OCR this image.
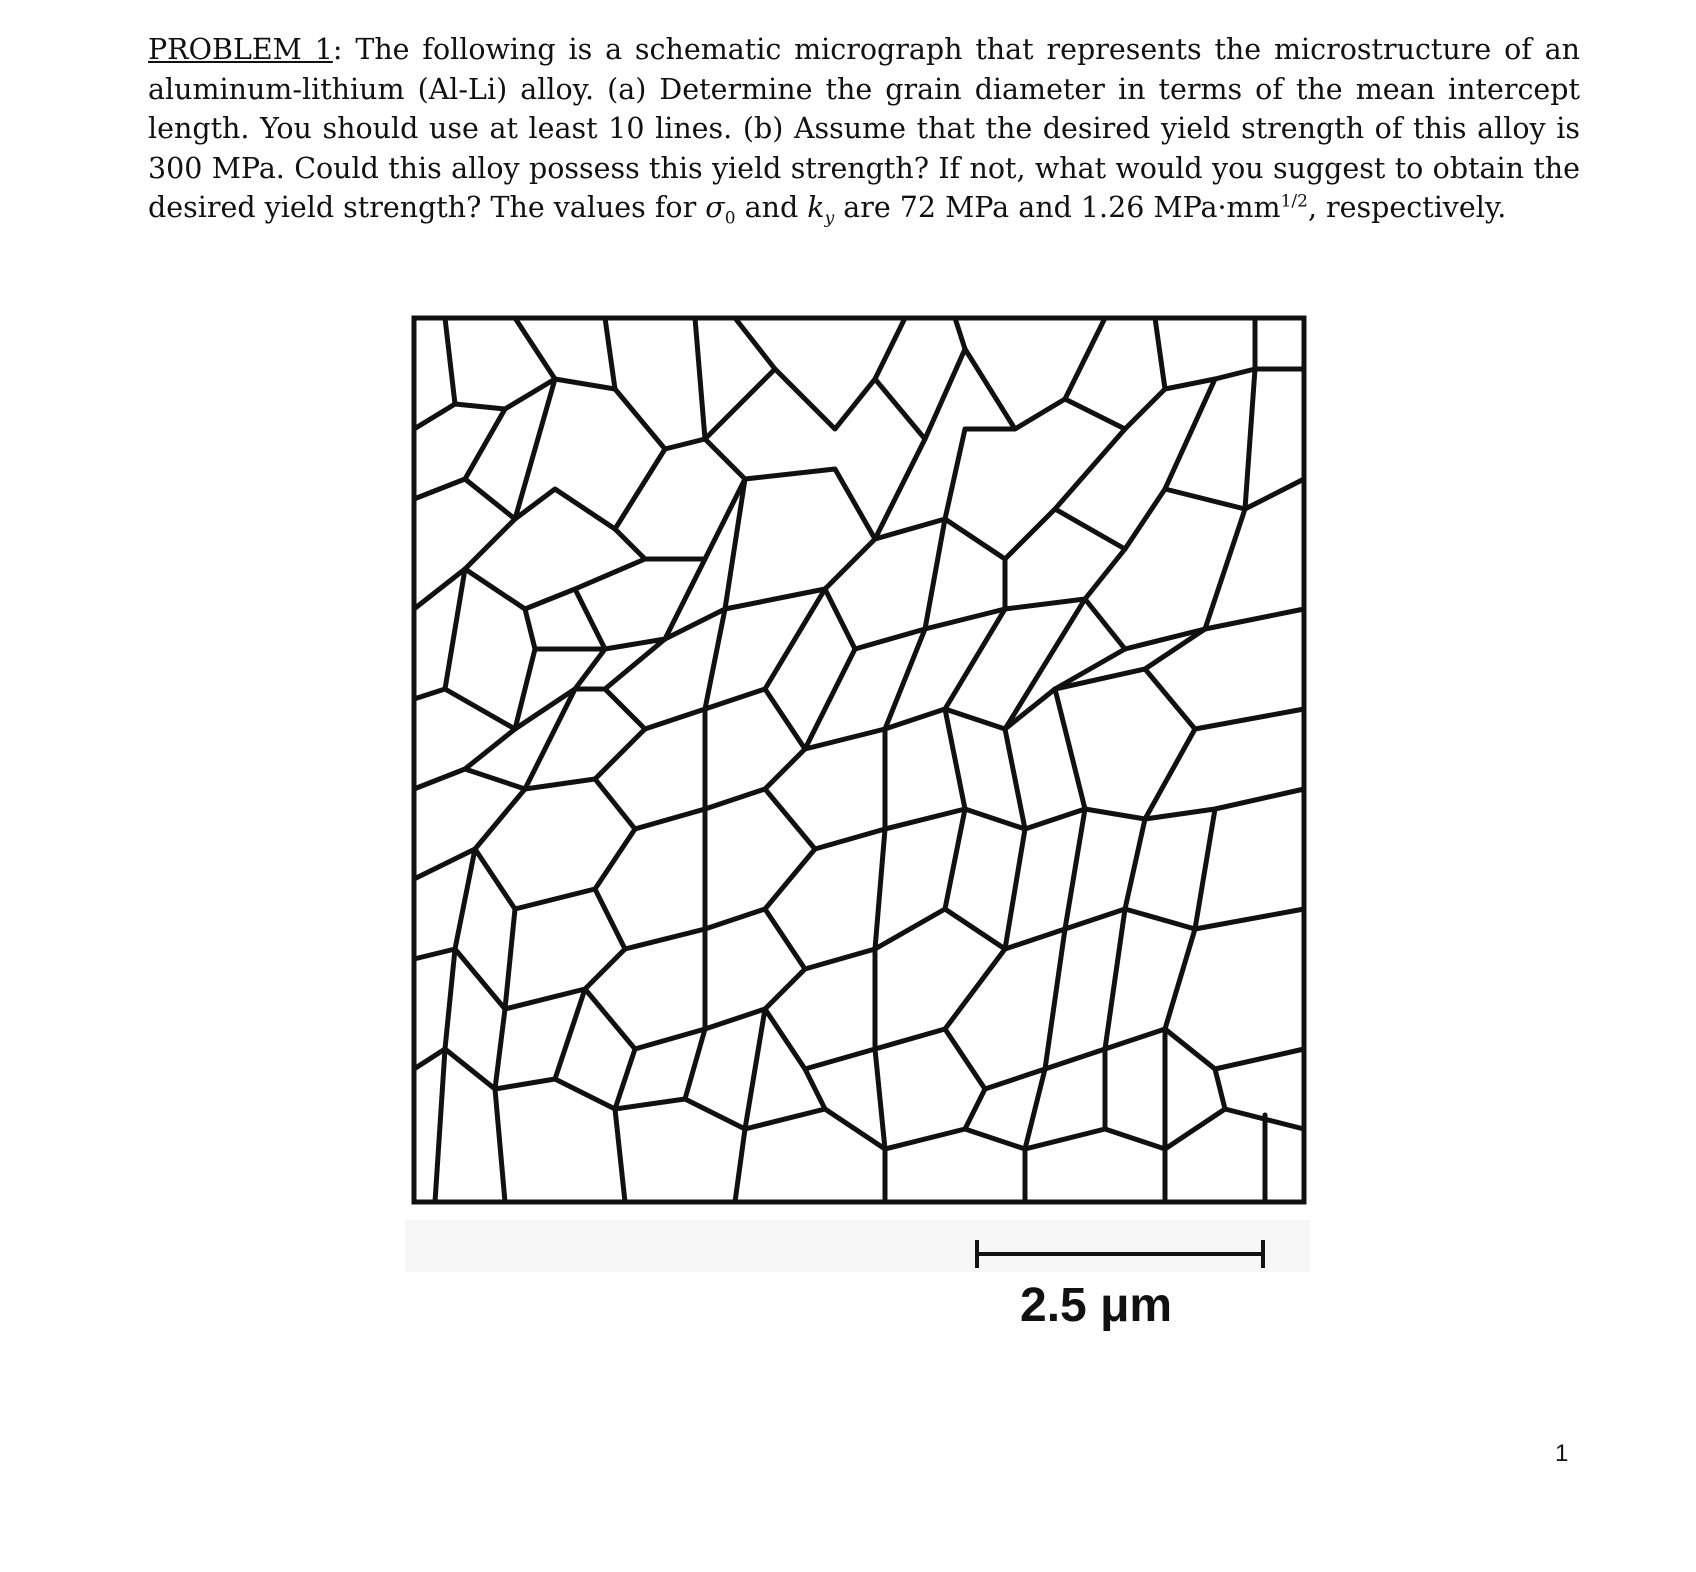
PROBLEM 1: The following is a schematic micrograph that represents the microstructure of an aluminum-lithium (Al-Li) alloy. (a) Determine the grain diameter in terms of the mean intercept length. You should use at least 10 lines. (b) Assume that the desired yield strength of this alloy is 300 MPa. Could this alloy possess this yield strength? If not, what would you suggest to obtain the desired yield strength? The values for $\sigma_0$ and $k_y$ are 72 MPa and 1.26 $MPa\cdot mm^{1/2}$, respectively.
2.5 μm
1
